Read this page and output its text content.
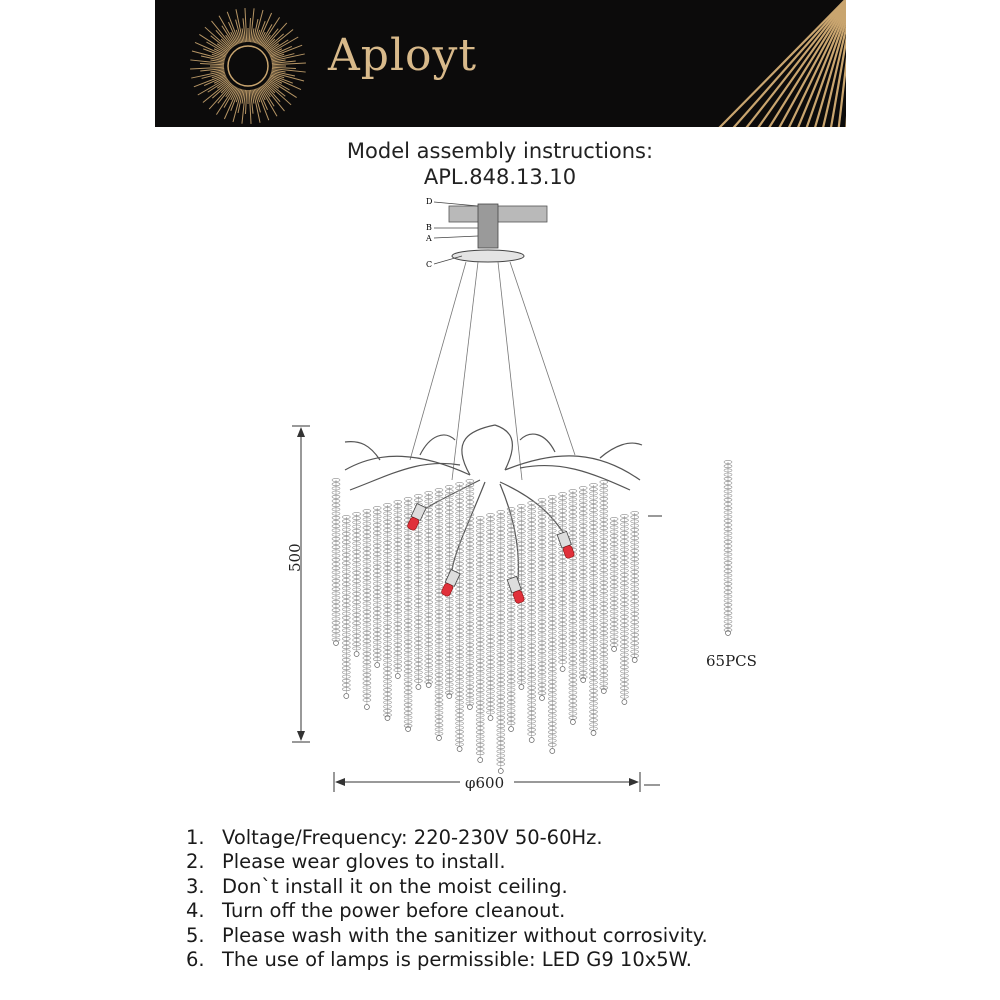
Aployt
Model assembly instructions:
APL.848.13.10
D
B
A
C
500
φ600
65PCS
1. Voltage/Frequency: 220-230V 50-60Hz.
2. Please wear gloves to install.
3. Don`t install it on the moist ceiling.
4. Turn off the power before cleanout.
5. Please wash with the sanitizer without corrosivity.
6. The use of lamps is permissible: LED G9 10x5W.
